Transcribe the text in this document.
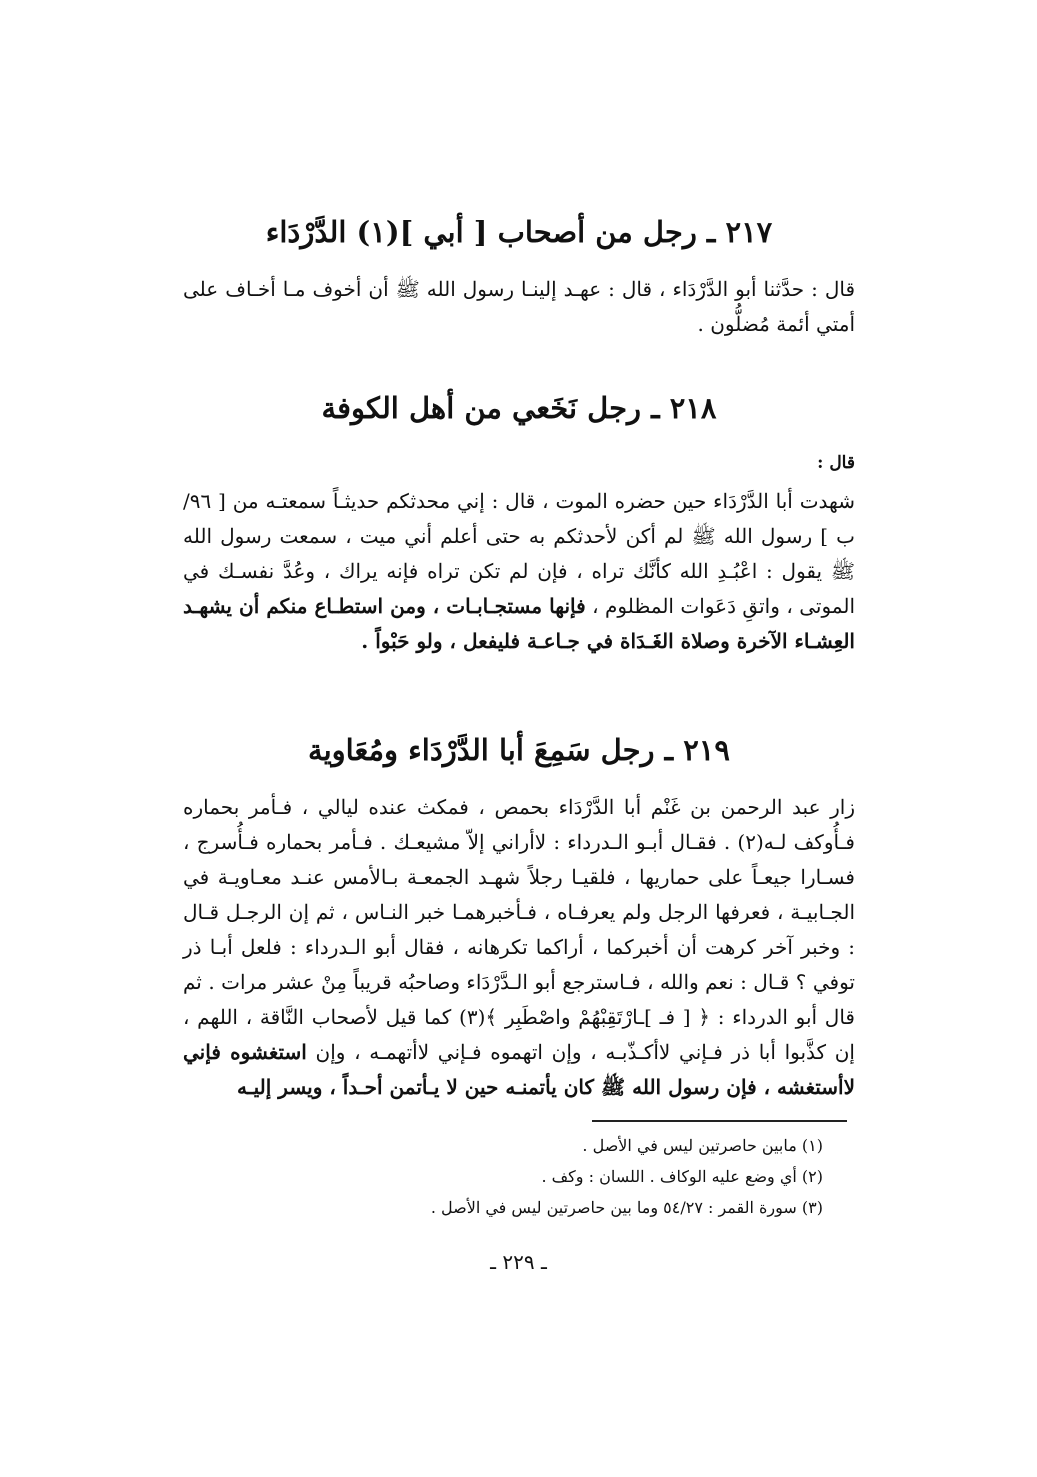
٢١٧ ـ رجل من أصحاب [ أبي ](١) الدَّرْدَاء

قال : حدَّثنا أبو الدَّرْدَاء ، قال : عهـد إلينـا رسول الله ﷺ أن أخوف مـا أخـاف على أمتي أئمة مُضلُّون .

٢١٨ ـ رجل نَخَعي من أهل الكوفة
قال :

شهدت أبا الدَّرْدَاء حين حضره الموت ، قال : إني محدثكم حديثـاً سمعتـه من [ ٩٦/ب ] رسول الله ﷺ لم أكن لأحدثكم به حتى أعلم أني ميت ، سمعت رسول الله ﷺ يقول : اعْبُـدِ الله كأنَّك تراه ، فإن لم تكن تراه فإنه يراك ، وعُدَّ نفسـك في الموتى ، واتقِ دَعَوات المظلوم ، فإنها مستجـابـات ، ومن استطـاع منكم أن يشهـد العِشـاء الآخرة وصلاة الغَـدَاة في جـاعـة فليفعل ، ولو حَبْواً .

٢١٩ ـ رجل سَمِعَ أبا الدَّرْدَاء ومُعَاوية

زار عبد الرحمن بن غَنْم أبا الدَّرْدَاء بحمص ، فمكث عنده ليالي ، فـأمر بحماره فـأُوكف لـه(٢) . فقـال أبـو الـدرداء : لاأراني إلاّ مشيعـك . فـأمر بحماره فـأُسرج ، فسـارا جيعـاً على حماريها ، فلقيـا رجلاً شهـد الجمعـة بـالأمس عنـد معـاويـة في الجـابيـة ، فعرفها الرجل ولم يعرفـاه ، فـأخبرهمـا خبر النـاس ، ثم إن الرجـل قـال : وخبر آخر كرهت أن أخبركما ، أراكما تكرهانه ، فقال أبو الـدرداء : فلعل أبـا ذر توفي ؟ قـال : نعم والله ، فـاسترجع أبو الـدَّرْدَاء وصاحبُه قريباً مِنْ عشر مرات . ثم قال أبو الدرداء : ﴿ [ فـ ]ـارْتَقِبْهُمْ واصْطَبِر ﴾(٣) كما قيل لأصحاب النَّاقة ، اللهم ، إن كذَّبوا أبا ذر فـإني لاأكـذّبـه ، وإن اتهموه فـإني لاأتهمـه ، وإن استغشوه فإني لاأستغشه ، فإن رسول الله ﷺ كان يأتمنـه حين لا يـأتمن أحـداً ، ويسر إليـه

(١) مابين حاصرتين ليس في الأصل .
(٢) أي وضع عليه الوكاف . اللسان : وكف .
(٣) سورة القمر : ٥٤/٢٧ وما بين حاصرتين ليس في الأصل .
ـ ٢٢٩ ـ
